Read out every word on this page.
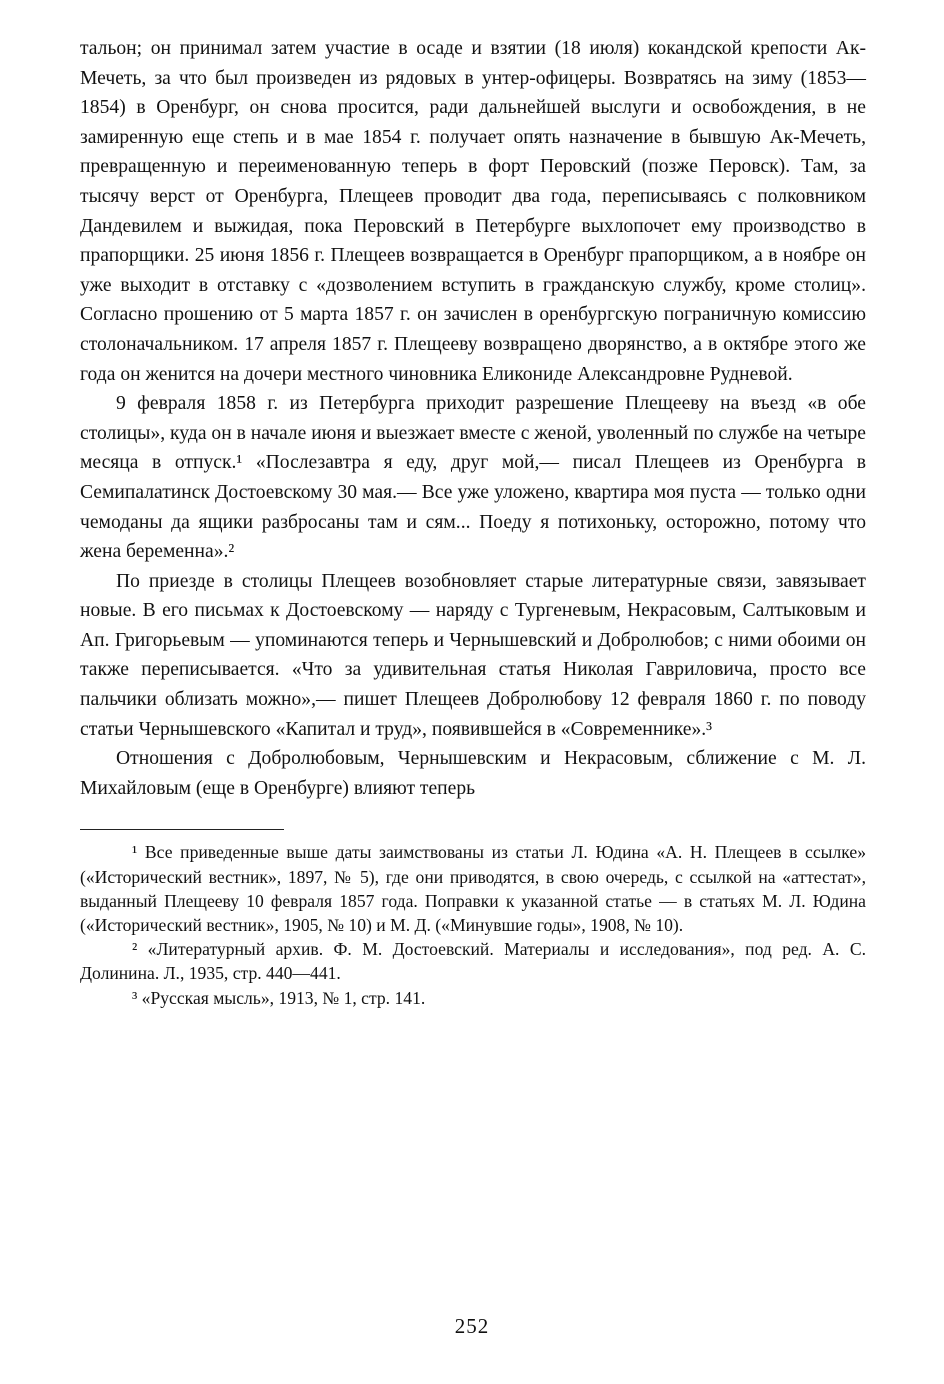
тальон; он принимал затем участие в осаде и взятии (18 июля) кокандской крепости Ак-Мечеть, за что был произведен из рядовых в унтер-офицеры. Возвратясь на зиму (1853—1854) в Оренбург, он снова просится, ради дальнейшей выслуги и освобождения, в не замиренную еще степь и в мае 1854 г. получает опять назначение в бывшую Ак-Мечеть, превращенную и переименованную теперь в форт Перовский (позже Перовск). Там, за тысячу верст от Оренбурга, Плещеев проводит два года, переписываясь с полковником Дандевилем и выжидая, пока Перовский в Петербурге выхлопочет ему производство в прапорщики. 25 июня 1856 г. Плещеев возвращается в Оренбург прапорщиком, а в ноябре он уже выходит в отставку с «дозволением вступить в гражданскую службу, кроме столиц». Согласно прошению от 5 марта 1857 г. он зачислен в оренбургскую пограничную комиссию столоначальником. 17 апреля 1857 г. Плещееву возвращено дворянство, а в октябре этого же года он женится на дочери местного чиновника Еликониде Александровне Рудневой.

9 февраля 1858 г. из Петербурга приходит разрешение Плещееву на въезд «в обе столицы», куда он в начале июня и выезжает вместе с женой, уволенный по службе на четыре месяца в отпуск.¹ «Послезавтра я еду, друг мой,— писал Плещеев из Оренбурга в Семипалатинск Достоевскому 30 мая.— Все уже уложено, квартира моя пуста — только одни чемоданы да ящики разбросаны там и сям... Поеду я потихоньку, осторожно, потому что жена беременна».²

По приезде в столицы Плещеев возобновляет старые литературные связи, завязывает новые. В его письмах к Достоевскому — наряду с Тургеневым, Некрасовым, Салтыковым и Ап. Григорьевым — упоминаются теперь и Чернышевский и Добролюбов; с ними обоими он также переписывается. «Что за удивительная статья Николая Гавриловича, просто все пальчики облизать можно»,— пишет Плещеев Добролюбову 12 февраля 1860 г. по поводу статьи Чернышевского «Капитал и труд», появившейся в «Современнике».³

Отношения с Добролюбовым, Чернышевским и Некрасовым, сближение с М. Л. Михайловым (еще в Оренбурге) влияют теперь

¹ Все приведенные выше даты заимствованы из статьи Л. Юдина «А. Н. Плещеев в ссылке» («Исторический вестник», 1897, № 5), где они приводятся, в свою очередь, с ссылкой на «аттестат», выданный Плещееву 10 февраля 1857 года. Поправки к указанной статье — в статьях М. Л. Юдина («Исторический вестник», 1905, № 10) и М. Д. («Минувшие годы», 1908, № 10).

² «Литературный архив. Ф. М. Достоевский. Материалы и исследования», под ред. А. С. Долинина. Л., 1935, стр. 440—441.

³ «Русская мысль», 1913, № 1, стр. 141.

252
